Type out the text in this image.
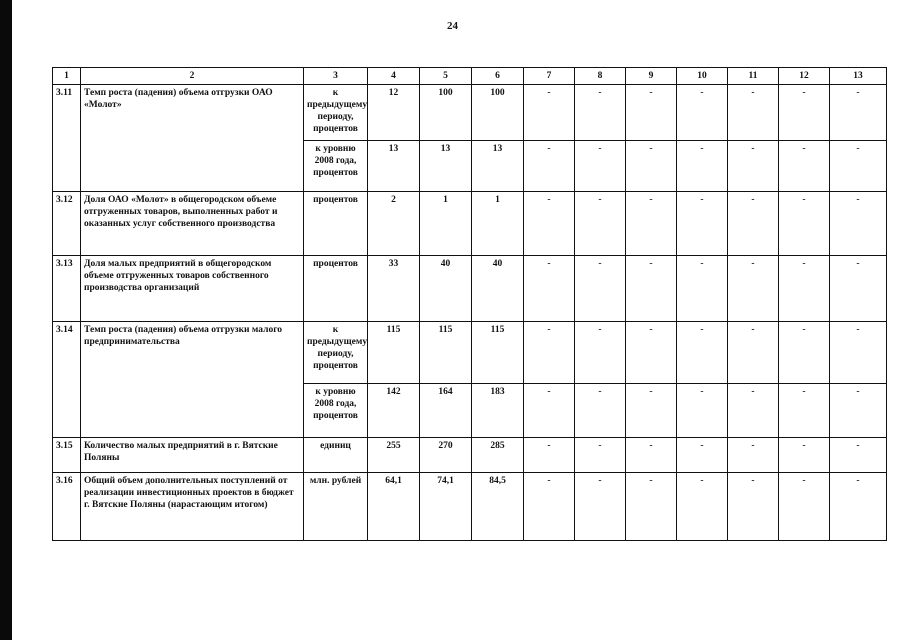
24
1	2	3	4	5	6	7	8	9	10	11	12	13
3.11	Темп роста (падения) объема отгрузки ОАО «Молот»	к предыдущему периоду, процентов	12	100	100	-	-	-	-	-	-	-
		к уровню 2008 года, процентов	13	13	13	-	-	-	-	-	-	-
3.12	Доля ОАО «Молот» в общегородском объеме отгруженных товаров, выполненных работ и оказанных услуг собственного производства	процентов	2	1	1	-	-	-	-	-	-	-
3.13	Доля малых предприятий в общегородском объеме отгруженных товаров собственного производства организаций	процентов	33	40	40	-	-	-	-	-	-	-
3.14	Темп роста (падения) объема отгрузки малого предпринимательства	к предыдущему периоду, процентов	115	115	115	-	-	-	-	-	-	-
		к уровню 2008 года, процентов	142	164	183	-	-	-	-	-	-	-
3.15	Количество малых предприятий в г. Вятские Поляны	единиц	255	270	285	-	-	-	-	-	-	-
3.16	Общий объем дополнительных поступлений от реализации инвестиционных проектов в бюджет г. Вятские Поляны (нарастающим итогом)	млн. рублей	64,1	74,1	84,5	-	-	-	-	-	-	-
